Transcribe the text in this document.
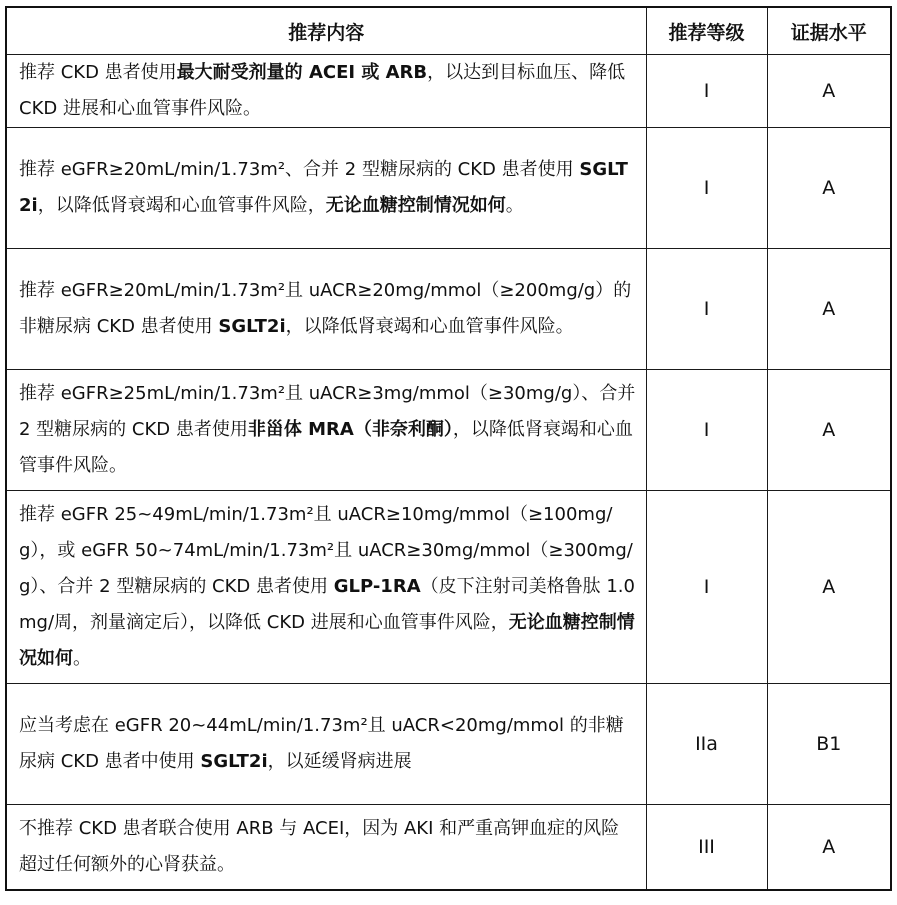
推荐内容	推荐等级	证据水平
推荐 CKD 患者使用最大耐受剂量的 ACEI 或 ARB，以达到目标血压、降低 CKD 进展和心血管事件风险。	I	A
推荐 eGFR≥20mL/min/1.73m²、合并 2 型糖尿病的 CKD 患者使用 SGLT2i，以降低肾衰竭和心血管事件风险，无论血糖控制情况如何。	I	A
推荐 eGFR≥20mL/min/1.73m²且 uACR≥20mg/mmol（≥200mg/g）的非糖尿病 CKD 患者使用 SGLT2i，以降低肾衰竭和心血管事件风险。	I	A
推荐 eGFR≥25mL/min/1.73m²且 uACR≥3mg/mmol（≥30mg/g）、合并 2 型糖尿病的 CKD 患者使用非甾体 MRA（非奈利酮），以降低肾衰竭和心血管事件风险。	I	A
推荐 eGFR 25~49mL/min/1.73m²且 uACR≥10mg/mmol（≥100mg/g），或 eGFR 50~74mL/min/1.73m²且 uACR≥30mg/mmol（≥300mg/g）、合并 2 型糖尿病的 CKD 患者使用 GLP-1RA（皮下注射司美格鲁肽 1.0mg/周，剂量滴定后），以降低 CKD 进展和心血管事件风险，无论血糖控制情况如何。	I	A
应当考虑在 eGFR 20~44mL/min/1.73m²且 uACR<20mg/mmol 的非糖尿病 CKD 患者中使用 SGLT2i，以延缓肾病进展	IIa	B1
不推荐 CKD 患者联合使用 ARB 与 ACEI，因为 AKI 和严重高钾血症的风险超过任何额外的心肾获益。	III	A
